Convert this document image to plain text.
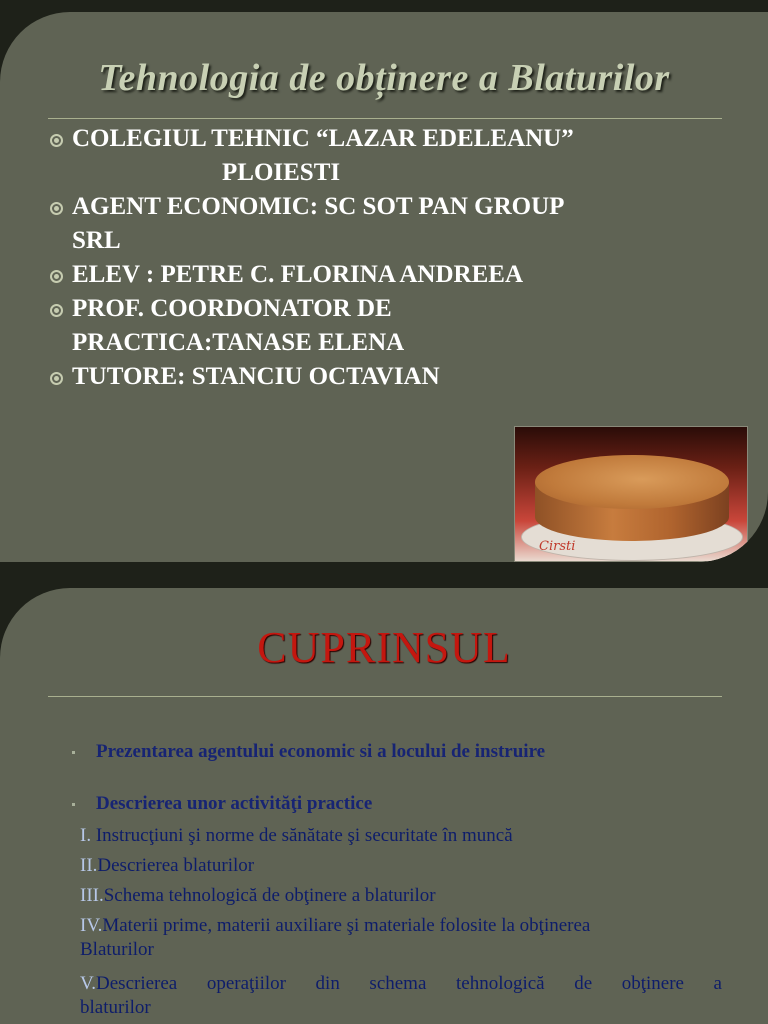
Tehnologia de obținere a Blaturilor
COLEGIUL TEHNIC “LAZAR EDELEANU”

PLOIESTI
AGENT ECONOMIC: SC SOT PAN GROUP
SRL
ELEV : PETRE C. FLORINA ANDREEA
PROF. COORDONATOR DE
PRACTICA:TANASE ELENA
TUTORE: STANCIU OCTAVIAN
Cirsti
CUPRINSUL
Prezentarea agentului economic si a locului de instruire
Descrierea unor activităţi practice
I. Instrucţiuni şi norme de sănătate şi securitate în muncă
II.Descrierea blaturilor
III.Schema tehnologică de obţinere a blaturilor
IV.Materii prime, materii auxiliare şi materiale folosite la obţinerea
Blaturilor
V.Descrierea operaţiilor din schema tehnologică de obţinere a
blaturilor
